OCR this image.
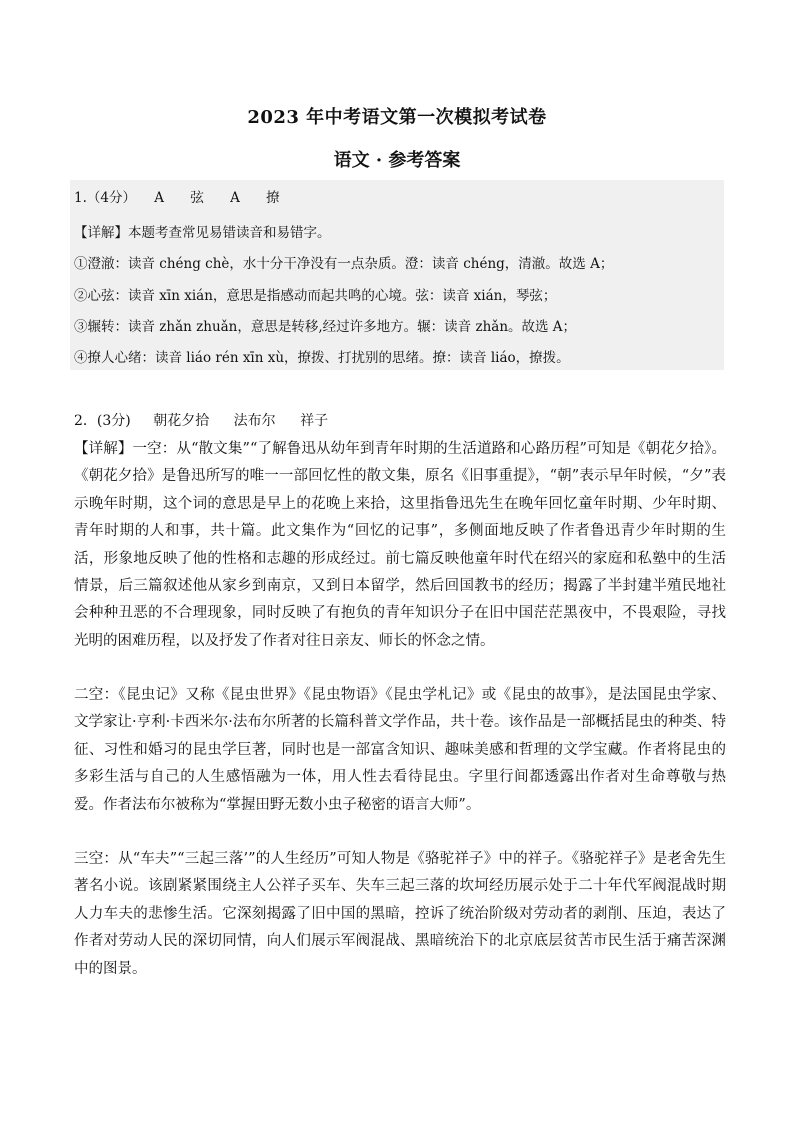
2023 年中考语文第一次模拟考试卷
语文 · 参考答案
1.（4分） A 弦 A 撩
【详解】本题考查常见易错读音和易错字。
①澄澈：读音 chéng chè，水十分干净没有一点杂质。澄：读音 chéng，清澈。故选 A；
②心弦：读音 xīn xián，意思是指感动而起共鸣的心境。弦：读音 xián，琴弦；
③辗转：读音 zhǎn zhuǎn，意思是转移,经过许多地方。辗：读音 zhǎn。故选 A；
④撩人心绪：读音 liáo rén xīn xù，撩拨、打扰别的思绪。撩：读音 liáo，撩拨。
2．(3分) 朝花夕拾 法布尔 祥子
【详解】一空：从“散文集”“了解鲁迅从幼年到青年时期的生活道路和心路历程”可知是《朝花夕拾》。《朝花夕拾》是鲁迅所写的唯一一部回忆性的散文集，原名《旧事重提》，“朝”表示早年时候，“夕”表示晚年时期，这个词的意思是早上的花晚上来拾，这里指鲁迅先生在晚年回忆童年时期、少年时期、青年时期的人和事，共十篇。此文集作为“回忆的记事”，多侧面地反映了作者鲁迅青少年时期的生活，形象地反映了他的性格和志趣的形成经过。前七篇反映他童年时代在绍兴的家庭和私塾中的生活情景，后三篇叙述他从家乡到南京，又到日本留学，然后回国教书的经历；揭露了半封建半殖民地社会种种丑恶的不合理现象，同时反映了有抱负的青年知识分子在旧中国茫茫黑夜中，不畏艰险，寻找光明的困难历程，以及抒发了作者对往日亲友、师长的怀念之情。
二空：《昆虫记》又称《昆虫世界》《昆虫物语》《昆虫学札记》或《昆虫的故事》，是法国昆虫学家、文学家让·亨利·卡西米尔·法布尔所著的长篇科普文学作品，共十卷。该作品是一部概括昆虫的种类、特征、习性和婚习的昆虫学巨著，同时也是一部富含知识、趣味美感和哲理的文学宝藏。作者将昆虫的多彩生活与自己的人生感悟融为一体，用人性去看待昆虫。字里行间都透露出作者对生命尊敬与热爱。作者法布尔被称为“掌握田野无数小虫子秘密的语言大师”。
三空：从“车夫”“三起三落’”的人生经历”可知人物是《骆驼祥子》中的祥子。《骆驼祥子》是老舍先生著名小说。该剧紧紧围绕主人公祥子买车、失车三起三落的坎坷经历展示处于二十年代军阀混战时期人力车夫的悲惨生活。它深刻揭露了旧中国的黑暗，控诉了统治阶级对劳动者的剥削、压迫，表达了作者对劳动人民的深切同情，向人们展示军阀混战、黑暗统治下的北京底层贫苦市民生活于痛苦深渊中的图景。
